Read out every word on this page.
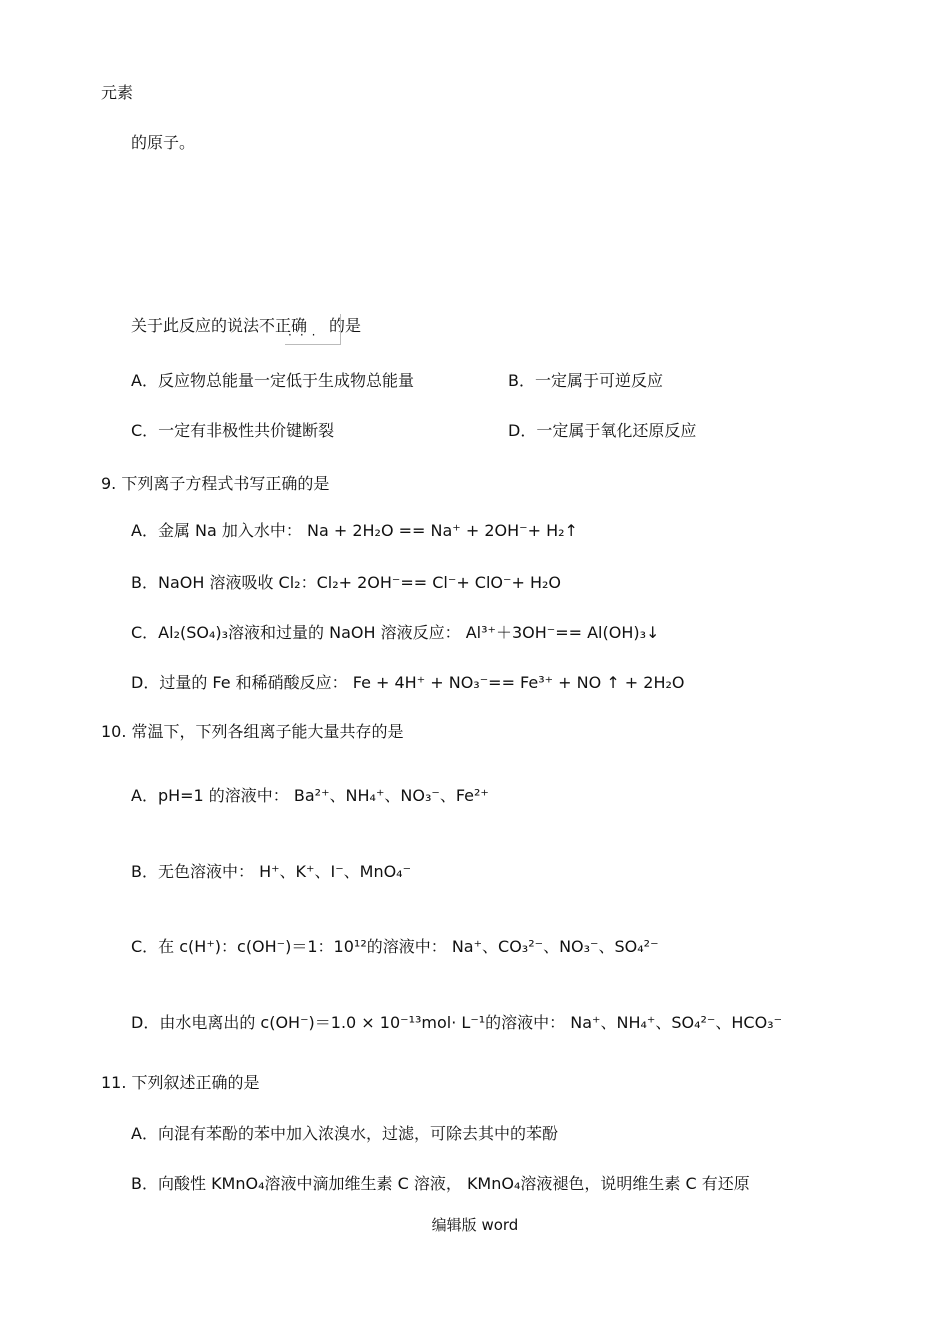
元素
的原子。
关于此反应的说法不正确 的是
···
A．反应物总能量一定低于生成物总能量	B．一定属于可逆反应
C．一定有非极性共价键断裂	D．一定属于氧化还原反应
9. 下列离子方程式书写正确的是
A．金属 Na 加入水中： Na + 2H₂O == Na⁺ + 2OH⁻+ H₂↑
B．NaOH 溶液吸收 Cl₂：Cl₂+ 2OH⁻== Cl⁻+ ClO⁻+ H₂O
C．Al₂(SO₄)₃溶液和过量的 NaOH 溶液反应： Al³⁺＋3OH⁻== Al(OH)₃↓
D．过量的 Fe 和稀硝酸反应： Fe + 4H⁺ + NO₃⁻== Fe³⁺ + NO ↑ + 2H₂O
10. 常温下，下列各组离子能大量共存的是
A．pH=1 的溶液中： Ba²⁺、NH₄⁺、NO₃⁻、Fe²⁺
B．无色溶液中： H⁺、K⁺、I⁻、MnO₄⁻
C．在 c(H⁺)：c(OH⁻)＝1：10¹²的溶液中： Na⁺、CO₃²⁻、NO₃⁻、SO₄²⁻
D．由水电离出的 c(OH⁻)＝1.0 × 10⁻¹³mol· L⁻¹的溶液中： Na⁺、NH₄⁺、SO₄²⁻、HCO₃⁻
11. 下列叙述正确的是
A．向混有苯酚的苯中加入浓溴水，过滤，可除去其中的苯酚
B．向酸性 KMnO₄溶液中滴加维生素 C 溶液， KMnO₄溶液褪色，说明维生素 C 有还原
编辑版 word
